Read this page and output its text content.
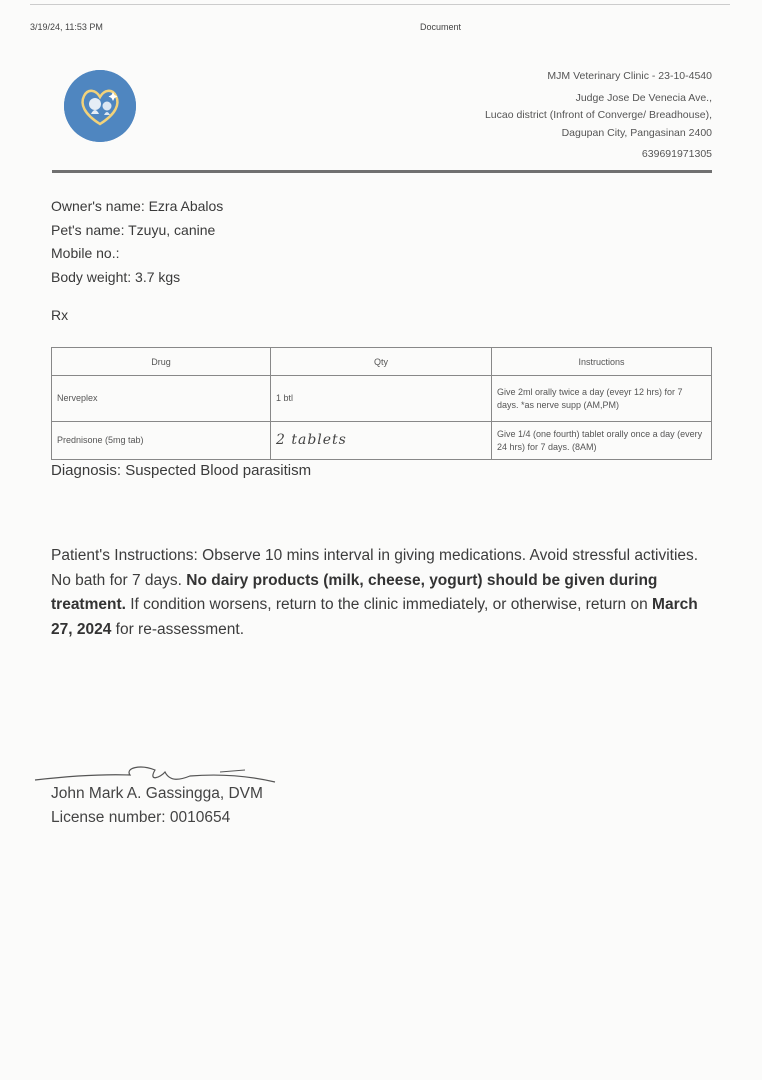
3/19/24, 11:53 PM	Document
MJM Veterinary Clinic - 23-10-4540
Judge Jose De Venecia Ave.,
Lucao district (Infront of Converge/ Breadhouse),
Dagupan City, Pangasinan 2400
639691971305
Owner's name: Ezra Abalos
Pet's name: Tzuyu, canine
Mobile no.:
Body weight: 3.7 kgs
Rx
Drug	Qty	Instructions
Nerveplex	1 btl	Give 2ml orally twice a day (eveyr 12 hrs) for 7 days. *as nerve supp (AM,PM)
Prednisone (5mg tab)	2 tablets	Give 1/4 (one fourth) tablet orally once a day (every 24 hrs) for 7 days. (8AM)
Diagnosis: Suspected Blood parasitism
Patient's Instructions: Observe 10 mins interval in giving medications. Avoid stressful activities. No bath for 7 days. No dairy products (milk, cheese, yogurt) should be given during treatment. If condition worsens, return to the clinic immediately, or otherwise, return on March 27, 2024 for re-assessment.
John Mark A. Gassingga, DVM
License number: 0010654
